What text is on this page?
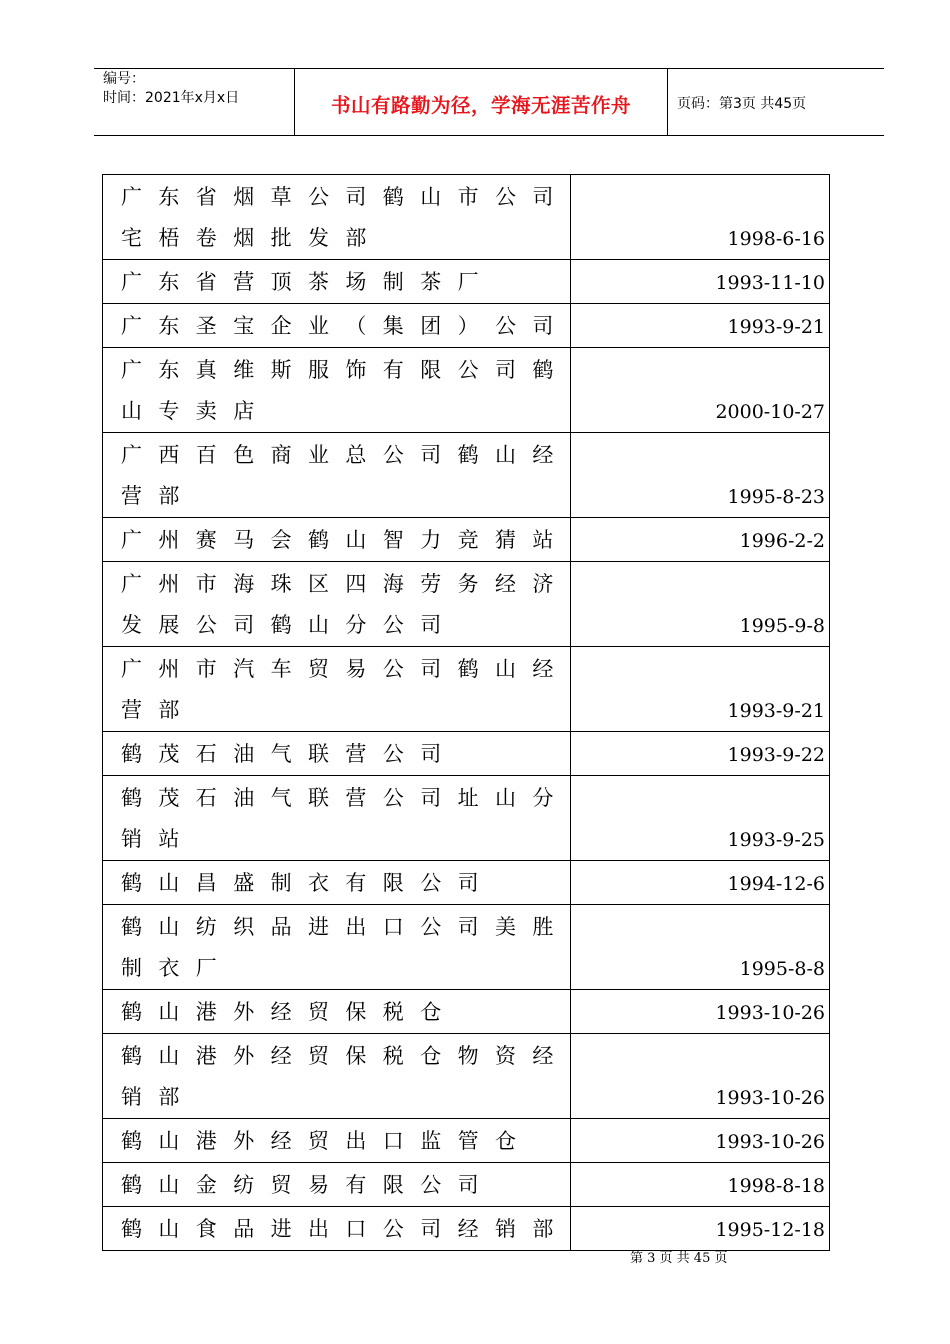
编号：
时间：2021年x月x日	书山有路勤为径，学海无涯苦作舟	页码：第3页 共45页
广东省烟草公司鹤山市公司
宅梧卷烟批发部	1998-6-16

广东省营顶茶场制茶厂	1993-11-10

广东圣宝企业（集团）公司	1993-9-21

广东真维斯服饰有限公司鹤
山专卖店	2000-10-27

广西百色商业总公司鹤山经
营部	1995-8-23

广州赛马会鹤山智力竞猜站	1996-2-2

广州市海珠区四海劳务经济
发展公司鹤山分公司	1995-9-8

广州市汽车贸易公司鹤山经
营部	1993-9-21

鹤茂石油气联营公司	1993-9-22

鹤茂石油气联营公司址山分
销站	1993-9-25

鹤山昌盛制衣有限公司	1994-12-6

鹤山纺织品进出口公司美胜
制衣厂	1995-8-8

鹤山港外经贸保税仓	1993-10-26

鹤山港外经贸保税仓物资经
销部	1993-10-26

鹤山港外经贸出口监管仓	1993-10-26

鹤山金纺贸易有限公司	1998-8-18

鹤山食品进出口公司经销部	1995-12-18
第 3 页 共 45 页
